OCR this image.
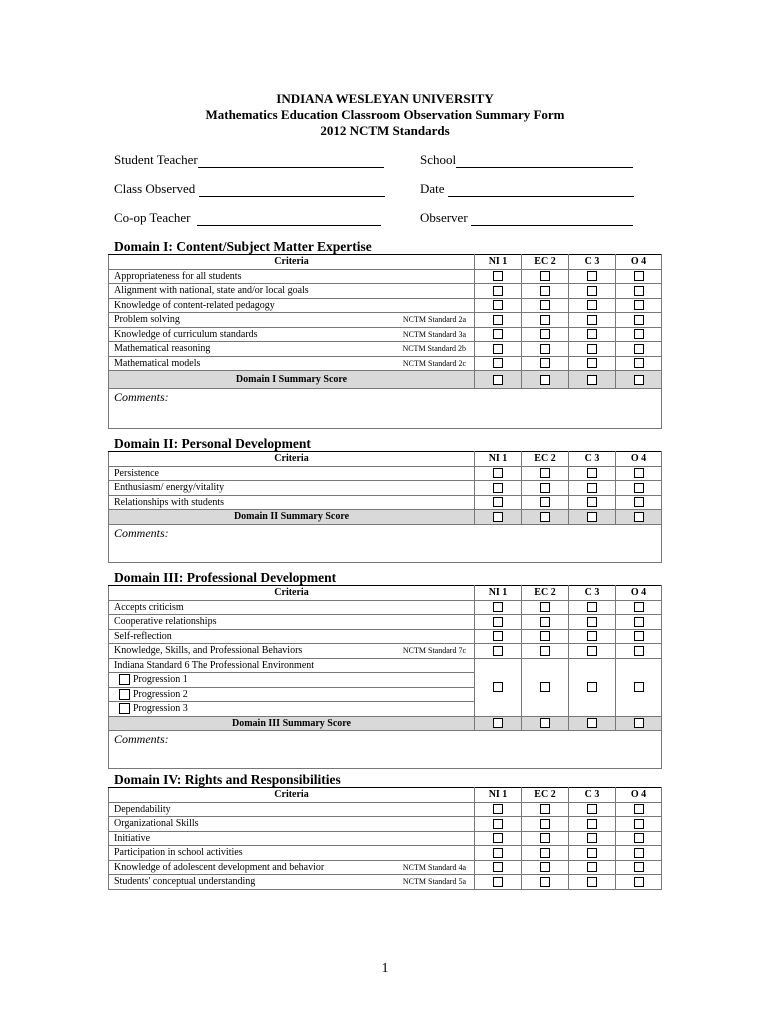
INDIANA WESLEYAN UNIVERSITY
Mathematics Education Classroom Observation Summary Form
2012 NCTM Standards
Student Teacher	School
Class Observed	Date
Co-op Teacher	Observer
Domain I: Content/Subject Matter Expertise
Criteria		NI 1	EC 2	C 3	O 4
Appropriateness for all students					
Alignment with national, state and/or local goals					
Knowledge of content-related pedagogy					
Problem solving	NCTM Standard 2a				
Knowledge of curriculum standards	NCTM Standard 3a				
Mathematical reasoning	NCTM Standard 2b				
Mathematical models	NCTM Standard 2c				
Domain I Summary Score					
Comments:					
Domain II: Personal Development
Criteria	NI 1	EC 2	C 3	O 4
Persistence				
Enthusiasm/ energy/vitality				
Relationships with students				
Domain II Summary Score				
Comments:				
Domain III: Professional Development
Criteria		NI 1	EC 2	C 3	O 4
Accepts criticism					
Cooperative relationships					
Self-reflection					
Knowledge, Skills, and Professional Behaviors	NCTM Standard 7c				

Indiana Standard 6 The Professional Environment
Progression 1
Progression 2
Progression 3					

Domain III Summary Score					
Comments:					
Domain IV: Rights and Responsibilities
Criteria		NI 1	EC 2	C 3	O 4
Dependability					
Organizational Skills					
Initiative					
Participation in school activities					
Knowledge of adolescent development and behavior	NCTM Standard 4a				
Students' conceptual understanding	NCTM Standard 5a				
1
